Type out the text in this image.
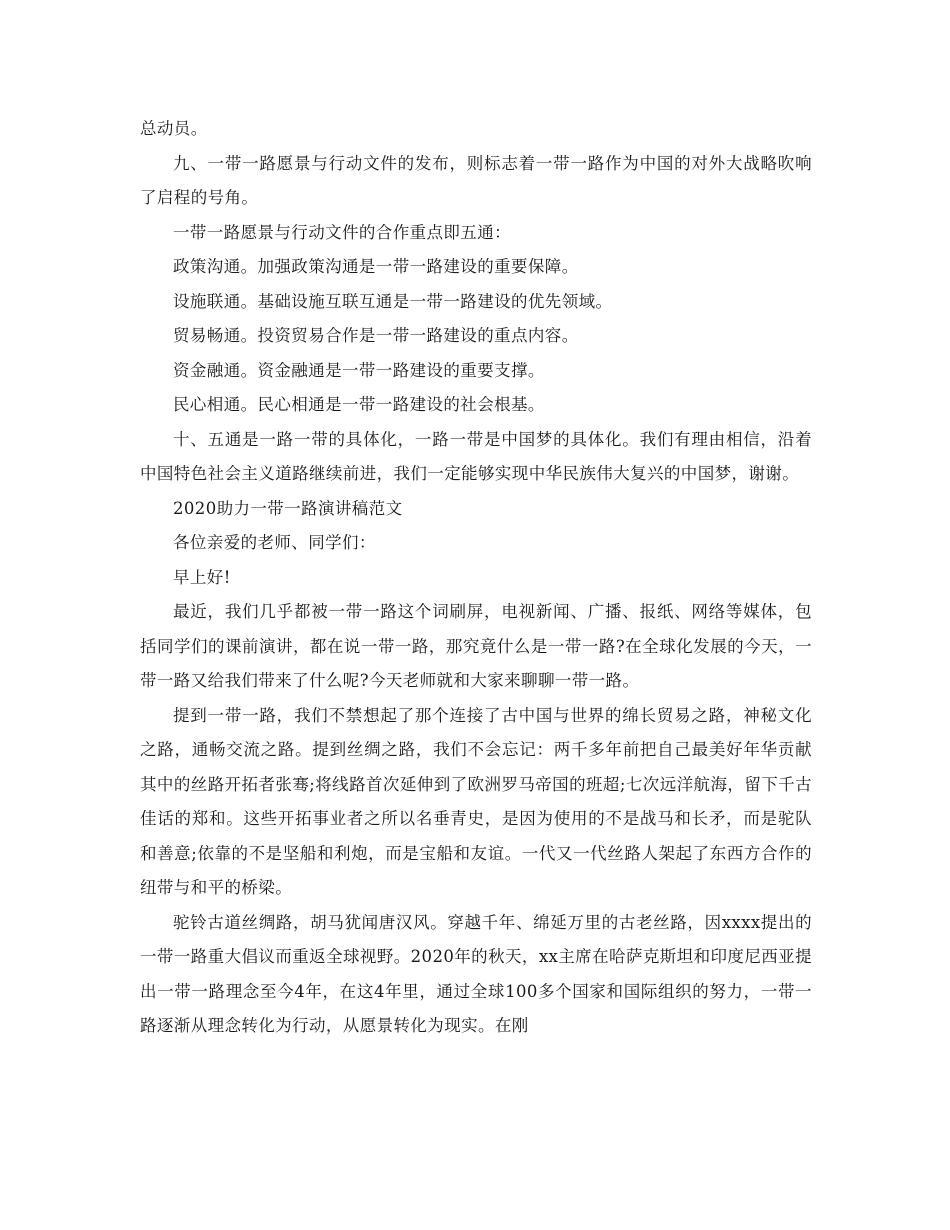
总动员。

九、一带一路愿景与行动文件的发布，则标志着一带一路作为中国的对外大战略吹响了启程的号角。

一带一路愿景与行动文件的合作重点即五通：

政策沟通。加强政策沟通是一带一路建设的重要保障。

设施联通。基础设施互联互通是一带一路建设的优先领域。

贸易畅通。投资贸易合作是一带一路建设的重点内容。

资金融通。资金融通是一带一路建设的重要支撑。

民心相通。民心相通是一带一路建设的社会根基。

十、五通是一路一带的具体化，一路一带是中国梦的具体化。我们有理由相信，沿着中国特色社会主义道路继续前进，我们一定能够实现中华民族伟大复兴的中国梦，谢谢。

2020助力一带一路演讲稿范文

各位亲爱的老师、同学们：

早上好!

最近，我们几乎都被一带一路这个词刷屏，电视新闻、广播、报纸、网络等媒体，包括同学们的课前演讲，都在说一带一路，那究竟什么是一带一路?在全球化发展的今天，一带一路又给我们带来了什么呢?今天老师就和大家来聊聊一带一路。

提到一带一路，我们不禁想起了那个连接了古中国与世界的绵长贸易之路，神秘文化之路，通畅交流之路。提到丝绸之路，我们不会忘记：两千多年前把自己最美好年华贡献其中的丝路开拓者张骞;将线路首次延伸到了欧洲罗马帝国的班超;七次远洋航海，留下千古佳话的郑和。这些开拓事业者之所以名垂青史，是因为使用的不是战马和长矛，而是驼队和善意;依靠的不是坚船和利炮，而是宝船和友谊。一代又一代丝路人架起了东西方合作的纽带与和平的桥梁。

驼铃古道丝绸路，胡马犹闻唐汉风。穿越千年、绵延万里的古老丝路，因xxxx提出的一带一路重大倡议而重返全球视野。2020年的秋天，xx主席在哈萨克斯坦和印度尼西亚提出一带一路理念至今4年，在这4年里，通过全球100多个国家和国际组织的努力，一带一路逐渐从理念转化为行动，从愿景转化为现实。在刚
